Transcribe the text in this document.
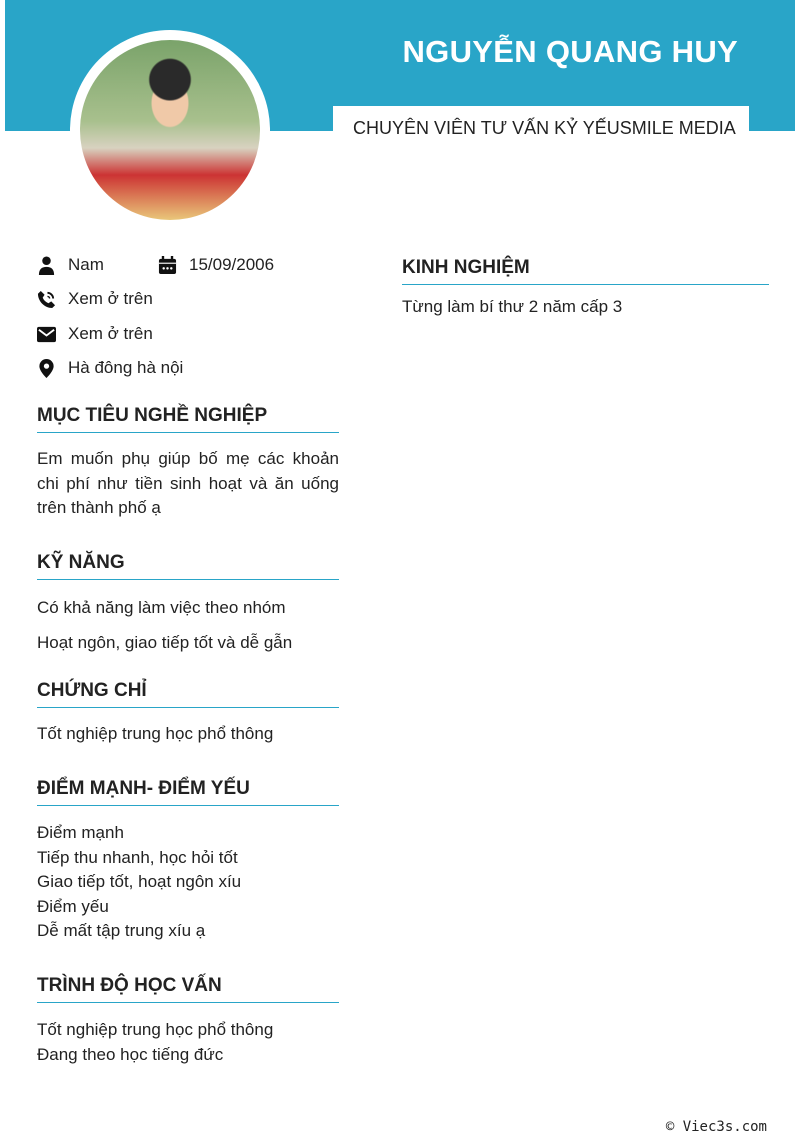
NGUYỄN QUANG HUY
CHUYÊN VIÊN TƯ VẤN KỶ YẾUSMILE MEDIA
Nam	15/09/2006
Xem ở trên
Xem ở trên
Hà đông hà nội
MỤC TIÊU NGHỀ NGHIỆP
Em muốn phụ giúp bố mẹ các khoản chi phí như tiền sinh hoạt và ăn uống trên thành phố ạ
KỸ NĂNG
Có khả năng làm việc theo nhóm
Hoạt ngôn, giao tiếp tốt và dễ gẫn
CHỨNG CHỈ
Tốt nghiệp trung học phổ thông
ĐIỂM MẠNH- ĐIỂM YẾU
Điểm mạnh
Tiếp thu nhanh, học hỏi tốt
Giao tiếp tốt, hoạt ngôn xíu
Điểm yếu
Dễ mất tập trung xíu ạ
TRÌNH ĐỘ HỌC VẤN
Tốt nghiệp trung học phổ thông
Đang theo học tiếng đức
KINH NGHIỆM
Từng làm bí thư 2 năm cấp 3
© Viec3s.com
